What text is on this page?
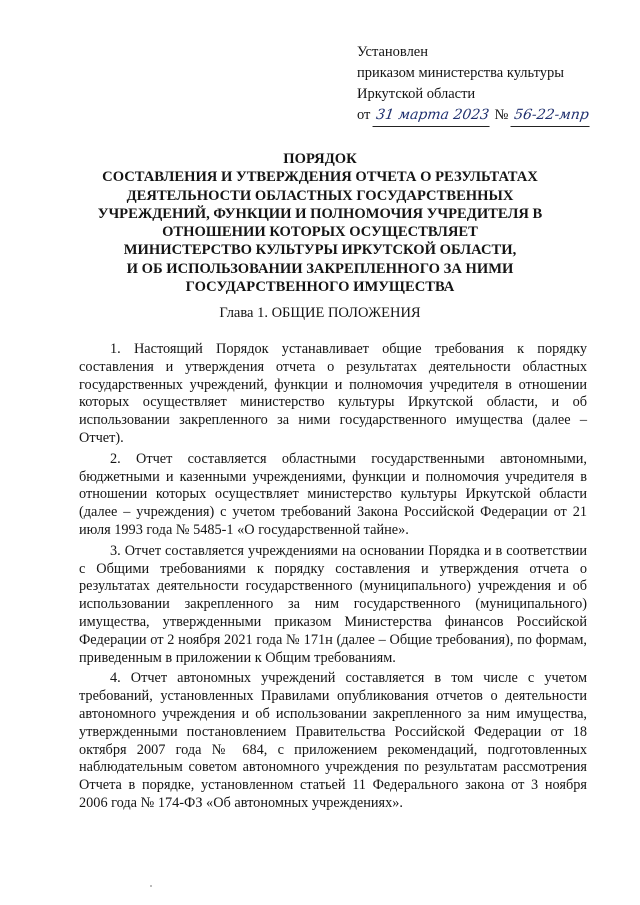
Установлен
приказом министерства культуры
Иркутской области
от 31 марта 2023 № 56-22-мпр
ПОРЯДОК
СОСТАВЛЕНИЯ И УТВЕРЖДЕНИЯ ОТЧЕТА О РЕЗУЛЬТАТАХ
ДЕЯТЕЛЬНОСТИ ОБЛАСТНЫХ ГОСУДАРСТВЕННЫХ
УЧРЕЖДЕНИЙ, ФУНКЦИИ И ПОЛНОМОЧИЯ УЧРЕДИТЕЛЯ В
ОТНОШЕНИИ КОТОРЫХ ОСУЩЕСТВЛЯЕТ
МИНИСТЕРСТВО КУЛЬТУРЫ ИРКУТСКОЙ ОБЛАСТИ,
И ОБ ИСПОЛЬЗОВАНИИ ЗАКРЕПЛЕННОГО ЗА НИМИ
ГОСУДАРСТВЕННОГО ИМУЩЕСТВА
Глава 1. ОБЩИЕ ПОЛОЖЕНИЯ

1. Настоящий Порядок устанавливает общие требования к порядку составления и утверждения отчета о результатах деятельности областных государственных учреждений, функции и полномочия учредителя в отношении которых осуществляет министерство культуры Иркутской области, и об использовании закрепленного за ними государственного имущества (далее – Отчет).

2. Отчет составляется областными государственными автономными, бюджетными и казенными учреждениями, функции и полномочия учредителя в отношении которых осуществляет министерство культуры Иркутской области (далее – учреждения) с учетом требований Закона Российской Федерации от 21 июля 1993 года № 5485-1 «О государственной тайне».

3. Отчет составляется учреждениями на основании Порядка и в соответствии с Общими требованиями к порядку составления и утверждения отчета о результатах деятельности государственного (муниципального) учреждения и об использовании закрепленного за ним государственного (муниципального) имущества, утвержденными приказом Министерства финансов Российской Федерации от 2 ноября 2021 года № 171н (далее – Общие требования), по формам, приведенным в приложении к Общим требованиям.

4. Отчет автономных учреждений составляется в том числе с учетом требований, установленных Правилами опубликования отчетов о деятельности автономного учреждения и об использовании закрепленного за ним имущества, утвержденными постановлением Правительства Российской Федерации от 18 октября 2007 года № 684, с приложением рекомендаций, подготовленных наблюдательным советом автономного учреждения по результатам рассмотрения Отчета в порядке, установленном статьей 11 Федерального закона от 3 ноября 2006 года № 174-ФЗ «Об автономных учреждениях».
